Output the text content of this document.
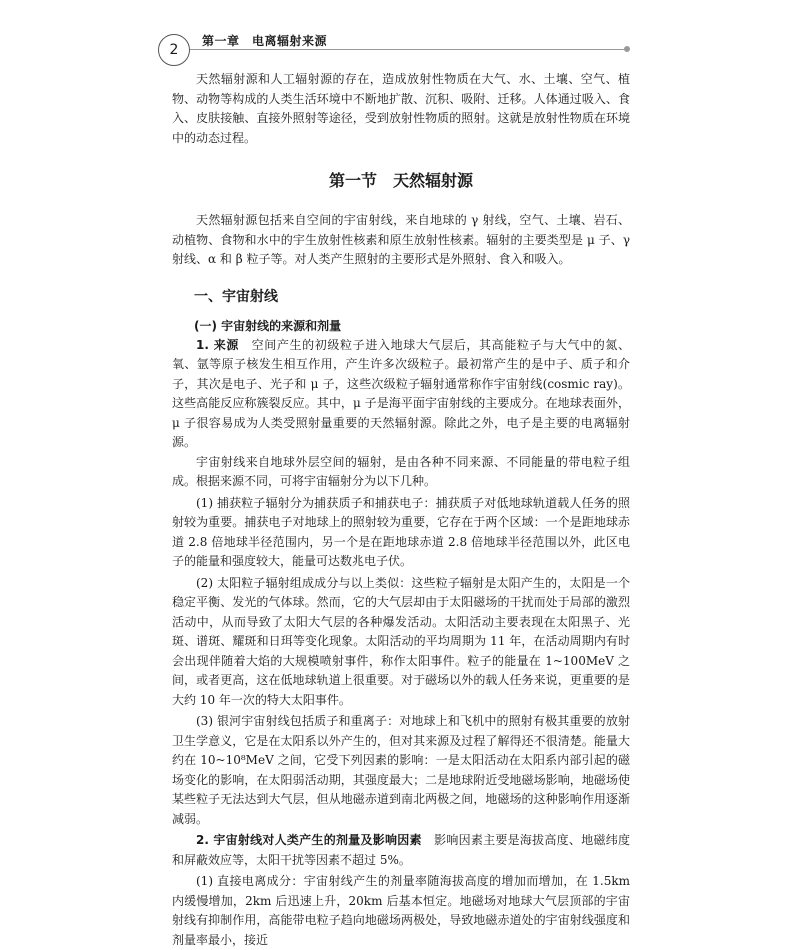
2
第一章　电离辐射来源

天然辐射源和人工辐射源的存在，造成放射性物质在大气、水、土壤、空气、植物、动物等构成的人类生活环境中不断地扩散、沉积、吸附、迁移。人体通过吸入、食入、皮肤接触、直接外照射等途径，受到放射性物质的照射。这就是放射性物质在环境中的动态过程。

第一节　天然辐射源

天然辐射源包括来自空间的宇宙射线，来自地球的 γ 射线，空气、土壤、岩石、动植物、食物和水中的宇生放射性核素和原生放射性核素。辐射的主要类型是 μ 子、γ 射线、α 和 β 粒子等。对人类产生照射的主要形式是外照射、食入和吸入。

一、宇宙射线
(一) 宇宙射线的来源和剂量

1. 来源　 空间产生的初级粒子进入地球大气层后，其高能粒子与大气中的氮、氧、氩等原子核发生相互作用，产生许多次级粒子。最初常产生的是中子、质子和介子，其次是电子、光子和 μ 子，这些次级粒子辐射通常称作宇宙射线(cosmic ray)。这些高能反应称簇裂反应。其中，μ 子是海平面宇宙射线的主要成分。在地球表面外，μ 子很容易成为人类受照射量重要的天然辐射源。除此之外，电子是主要的电离辐射源。

宇宙射线来自地球外层空间的辐射，是由各种不同来源、不同能量的带电粒子组成。根据来源不同，可将宇宙辐射分为以下几种。

(1) 捕获粒子辐射分为捕获质子和捕获电子：捕获质子对低地球轨道载人任务的照射较为重要。捕获电子对地球上的照射较为重要，它存在于两个区域：一个是距地球赤道 2.8 倍地球半径范围内，另一个是在距地球赤道 2.8 倍地球半径范围以外，此区电子的能量和强度较大，能量可达数兆电子伏。

(2) 太阳粒子辐射组成成分与以上类似：这些粒子辐射是太阳产生的，太阳是一个稳定平衡、发光的气体球。然而，它的大气层却由于太阳磁场的干扰而处于局部的激烈活动中，从而导致了太阳大气层的各种爆发活动。太阳活动主要表现在太阳黑子、光斑、谱斑、耀斑和日珥等变化现象。太阳活动的平均周期为 11 年，在活动周期内有时会出现伴随着大焰的大规模喷射事件，称作太阳事件。粒子的能量在 1~100MeV 之间，或者更高，这在低地球轨道上很重要。对于磁场以外的载人任务来说，更重要的是大约 10 年一次的特大太阳事件。

(3) 银河宇宙射线包括质子和重离子：对地球上和飞机中的照射有极其重要的放射卫生学意义，它是在太阳系以外产生的，但对其来源及过程了解得还不很清楚。能量大约在 10~10⁸MeV 之间，它受下列因素的影响：一是太阳活动在太阳系内部引起的磁场变化的影响，在太阳弱活动期，其强度最大；二是地球附近受地磁场影响，地磁场使某些粒子无法达到大气层，但从地磁赤道到南北两极之间，地磁场的这种影响作用逐渐减弱。

2. 宇宙射线对人类产生的剂量及影响因素　 影响因素主要是海拔高度、地磁纬度和屏蔽效应等，太阳干扰等因素不超过 5%。

(1) 直接电离成分：宇宙射线产生的剂量率随海拔高度的增加而增加，在 1.5km 内缓慢增加，2km 后迅速上升，20km 后基本恒定。地磁场对地球大气层顶部的宇宙射线有抑制作用，高能带电粒子趋向地磁场两极处，导致地磁赤道处的宇宙射线强度和剂量率最小，接近
